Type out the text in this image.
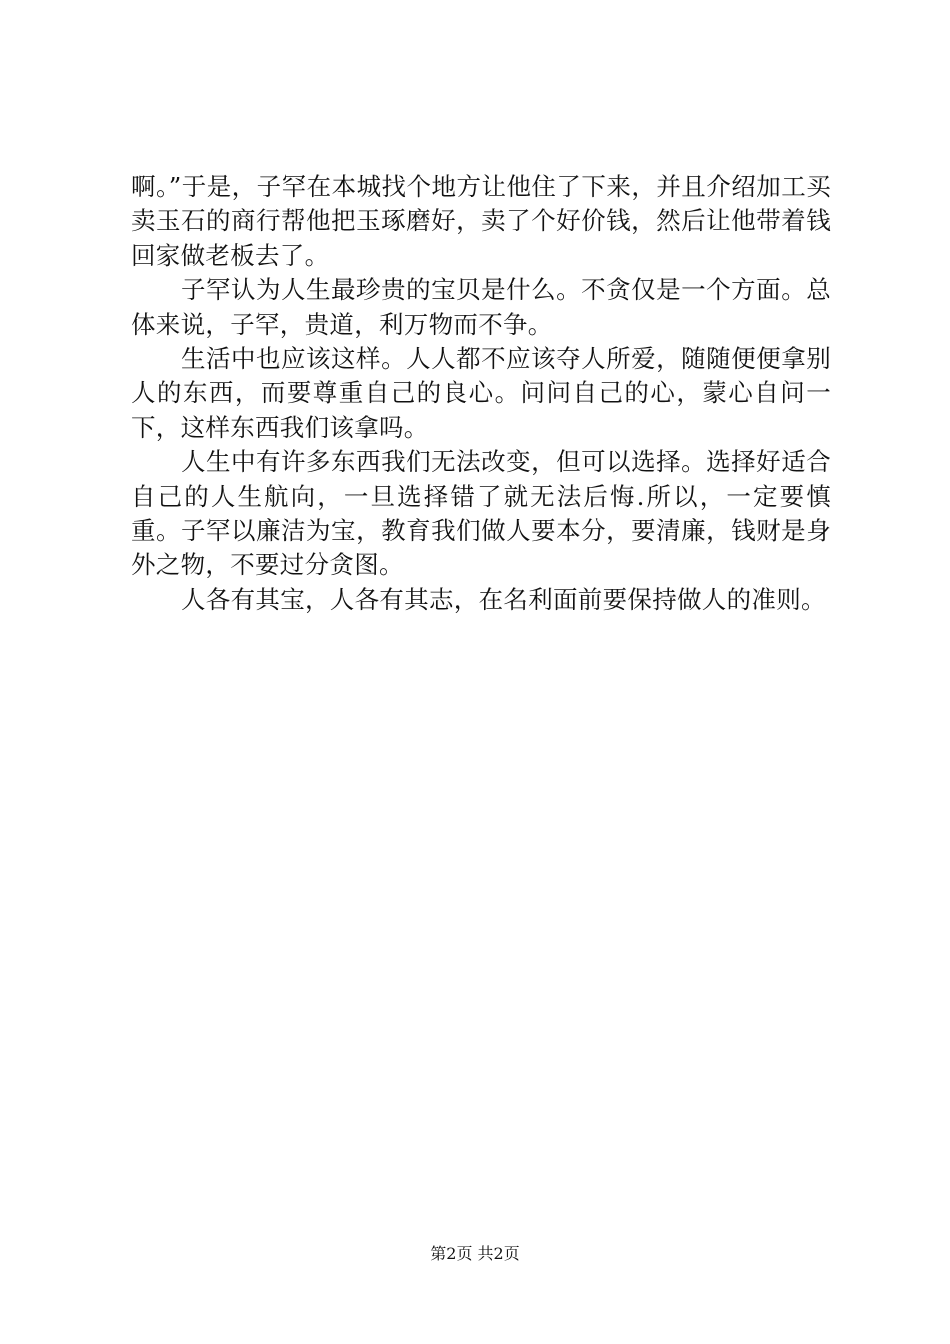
啊。”于是，子罕在本城找个地方让他住了下来，并且介绍加工买卖玉石的商行帮他把玉琢磨好，卖了个好价钱，然后让他带着钱回家做老板去了。

子罕认为人生最珍贵的宝贝是什么。不贪仅是一个方面。总体来说，子罕，贵道，利万物而不争。

生活中也应该这样。人人都不应该夺人所爱，随随便便拿别人的东西，而要尊重自己的良心。问问自己的心，蒙心自问一下，这样东西我们该拿吗。

人生中有许多东西我们无法改变，但可以选择。选择好适合自己的人生航向，一旦选择错了就无法后悔.所以，一定要慎重。子罕以廉洁为宝，教育我们做人要本分，要清廉，钱财是身外之物，不要过分贪图。

人各有其宝，人各有其志，在名利面前要保持做人的准则。

第2页 共2页
